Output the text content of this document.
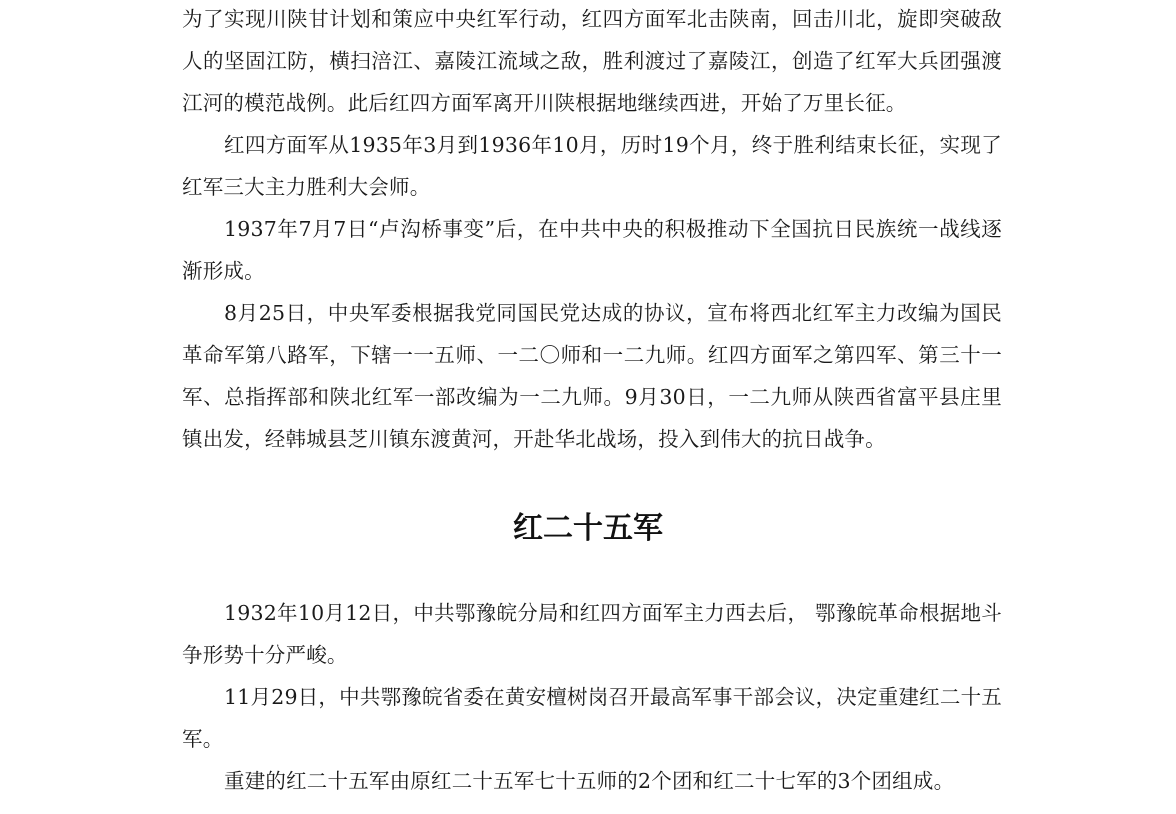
为了实现川陕甘计划和策应中央红军行动，红四方面军北击陕南，回击川北，旋即突破敌人的坚固江防，横扫涪江、嘉陵江流域之敌，胜利渡过了嘉陵江，创造了红军大兵团强渡江河的模范战例。此后红四方面军离开川陕根据地继续西进，开始了万里长征。

红四方面军从1935年3月到1936年10月，历时19个月，终于胜利结束长征，实现了红军三大主力胜利大会师。

1937年7月7日“卢沟桥事变”后，在中共中央的积极推动下全国抗日民族统一战线逐渐形成。

8月25日，中央军委根据我党同国民党达成的协议，宣布将西北红军主力改编为国民革命军第八路军，下辖一一五师、一二〇师和一二九师。红四方面军之第四军、第三十一军、总指挥部和陕北红军一部改编为一二九师。9月30日，一二九师从陕西省富平县庄里镇出发，经韩城县芝川镇东渡黄河，开赴华北战场，投入到伟大的抗日战争。

红二十五军

1932年10月12日，中共鄂豫皖分局和红四方面军主力西去后， 鄂豫皖革命根据地斗争形势十分严峻。

11月29日，中共鄂豫皖省委在黄安檀树岗召开最高军事干部会议，决定重建红二十五军。

重建的红二十五军由原红二十五军七十五师的2个团和红二十七军的3个团组成。
